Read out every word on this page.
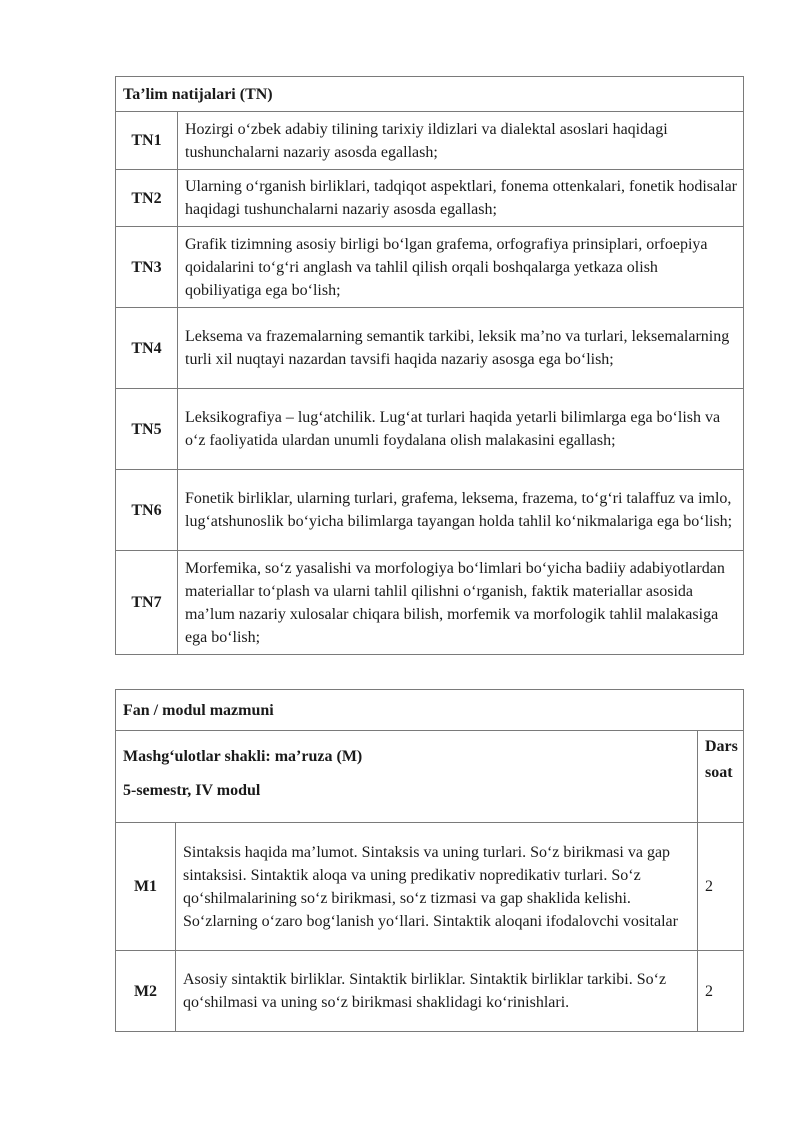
Ta’lim natijalari (TN)	
TN1	Hozirgi o‘zbek adabiy tilining tarixiy ildizlari va dialektal asoslari haqidagi tushunchalarni nazariy asosda egallash;
TN2	Ularning o‘rganish birliklari, tadqiqot aspektlari, fonema ottenkalari, fonetik hodisalar haqidagi tushunchalarni nazariy asosda egallash;
TN3	Grafik tizimning asosiy birligi bo‘lgan grafema, orfografiya prinsiplari, orfoepiya qoidalarini to‘g‘ri anglash va tahlil qilish orqali boshqalarga yetkaza olish qobiliyatiga ega bo‘lish;
TN4	Leksema va frazemalarning semantik tarkibi, leksik ma’no va turlari, leksemalarning turli xil nuqtayi nazardan tavsifi haqida nazariy asosga ega bo‘lish;
TN5	Leksikografiya – lug‘atchilik. Lug‘at turlari haqida yetarli bilimlarga ega bo‘lish va o‘z faoliyatida ulardan unumli foydalana olish malakasini egallash;
TN6	Fonetik birliklar, ularning turlari, grafema, leksema, frazema, to‘g‘ri talaffuz va imlo, lug‘atshunoslik bo‘yicha bilimlarga tayangan holda tahlil ko‘nikmalariga ega bo‘lish;
TN7	Morfemika, so‘z yasalishi va morfologiya bo‘limlari bo‘yicha badiiy adabiyotlardan materiallar to‘plash va ularni tahlil qilishni o‘rganish, faktik materiallar asosida ma’lum nazariy xulosalar chiqara bilish, morfemik va morfologik tahlil malakasiga ega bo‘lish;
Fan / modul mazmuni		

Mashg‘ulotlar shakli: ma’ruza (M)

5-semestr, IV modul		Dars soat
M1	Sintaksis haqida ma’lumot. Sintaksis va uning turlari. So‘z birikmasi va gap sintaksisi. Sintaktik aloqa va uning predikativ nopredikativ turlari. So‘z qo‘shilmalarining so‘z birikmasi, so‘z tizmasi va gap shaklida kelishi. So‘zlarning o‘zaro bog‘lanish yo‘llari. Sintaktik aloqani ifodalovchi vositalar	2
M2	Asosiy sintaktik birliklar. Sintaktik birliklar. Sintaktik birliklar tarkibi. So‘z qo‘shilmasi va uning so‘z birikmasi shaklidagi ko‘rinishlari.	2
